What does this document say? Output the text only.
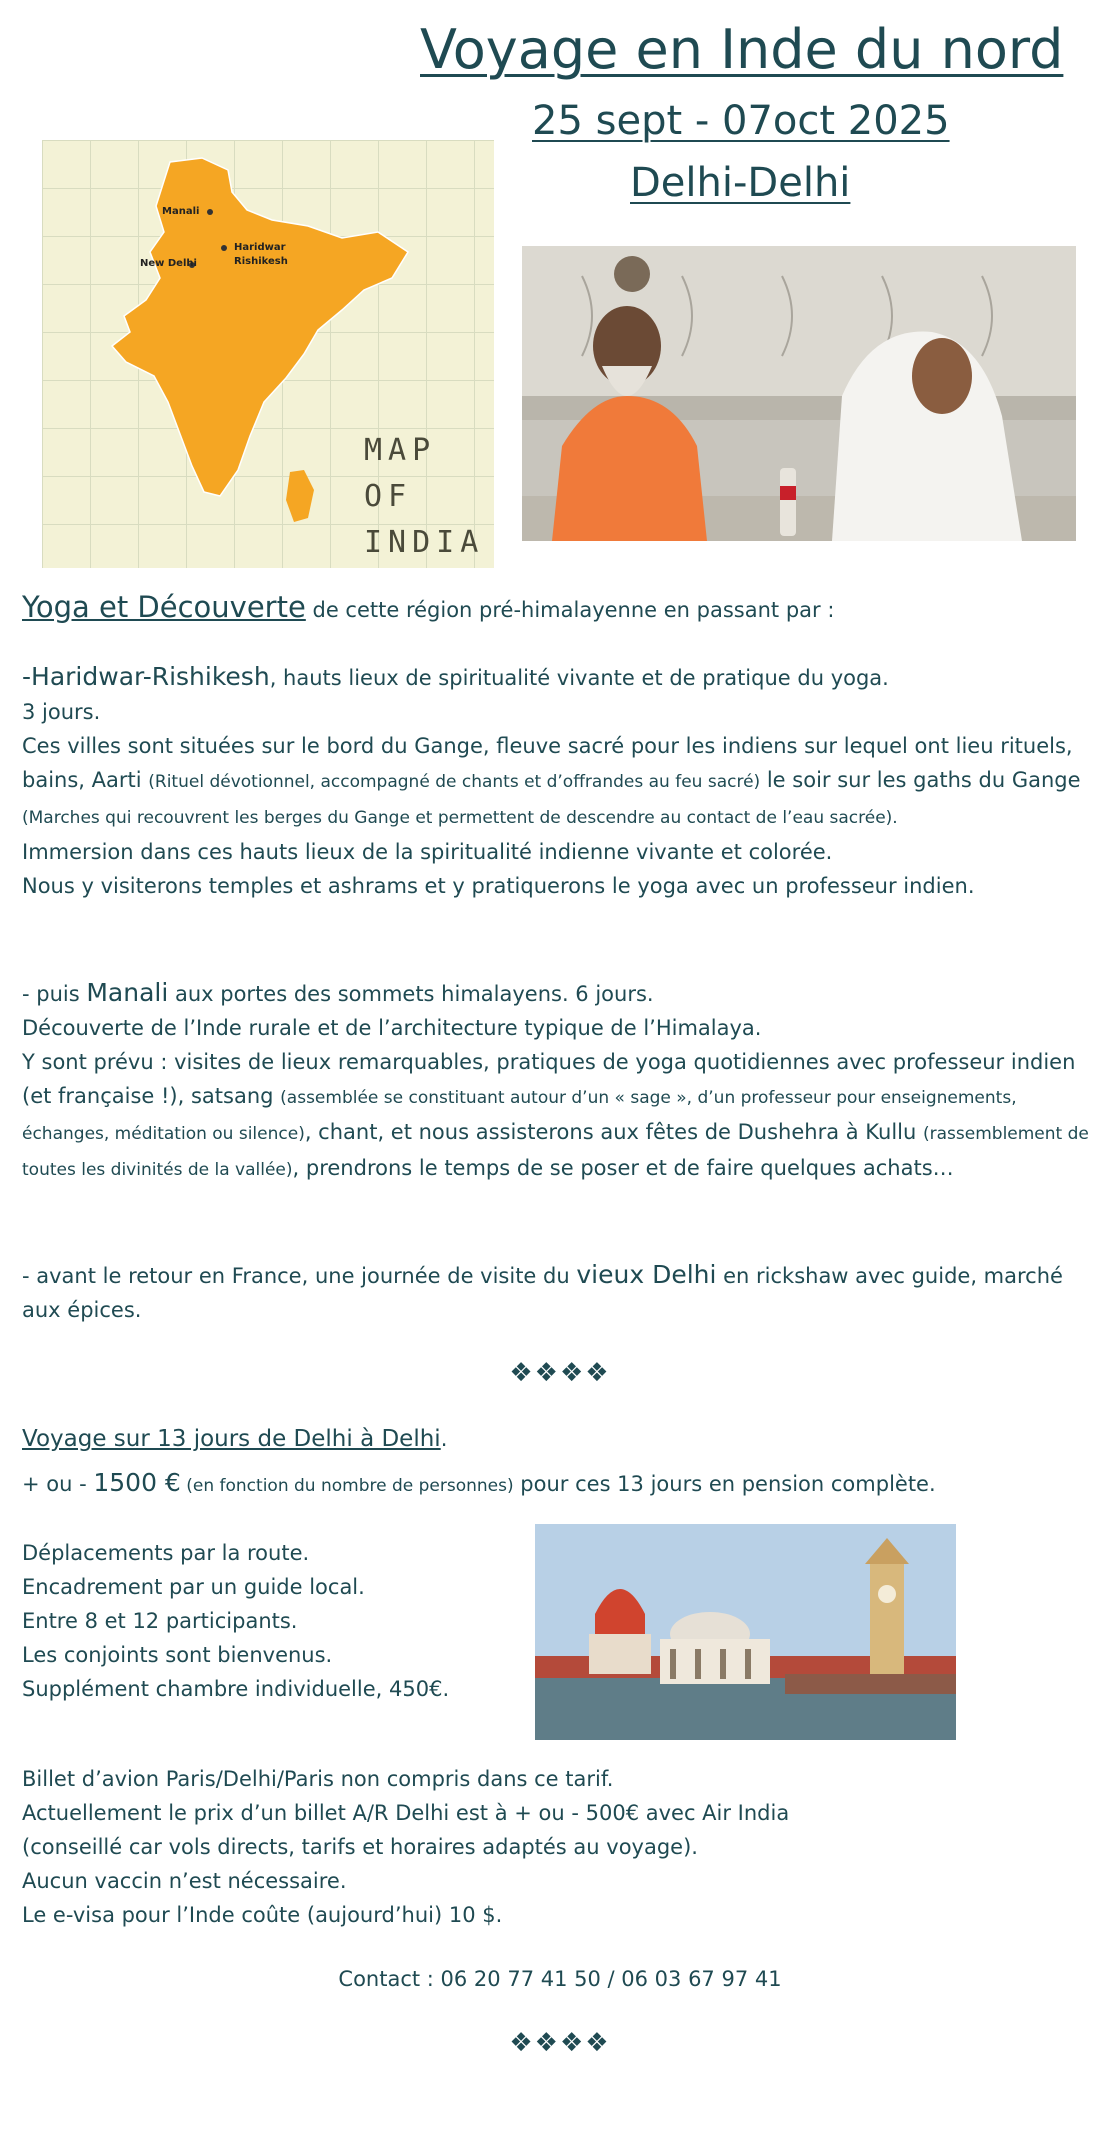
Voyage en Inde du nord
25 sept - 07oct 2025
Delhi-Delhi
Manali
Haridwar
Rishikesh
New Delhi
MAP
OF
INDIA

Yoga et Découverte de cette région pré-himalayenne en passant par :

-Haridwar-Rishikesh, hauts lieux de spiritualité vivante et de pratique du yoga.

3 jours.

Ces villes sont situées sur le bord du Gange, fleuve sacré pour les indiens sur lequel ont lieu rituels, bains, Aarti (Rituel dévotionnel, accompagné de chants et d’offrandes au feu sacré) le soir sur les gaths du Gange (Marches qui recouvrent les berges du Gange et permettent de descendre au contact de l’eau sacrée).

Immersion dans ces hauts lieux de la spiritualité indienne vivante et colorée.

Nous y visiterons temples et ashrams et y pratiquerons le yoga avec un professeur indien.

- puis Manali aux portes des sommets himalayens. 6 jours.

Découverte de l’Inde rurale et de l’architecture typique de l’Himalaya.

Y sont prévu : visites de lieux remarquables, pratiques de yoga quotidiennes avec professeur indien (et française !), satsang (assemblée se constituant autour d’un « sage », d’un professeur pour enseignements, échanges, méditation ou silence), chant, et nous assisterons aux fêtes de Dushehra à Kullu (rassemblement de toutes les divinités de la vallée), prendrons le temps de se poser et de faire quelques achats…

- avant le retour en France, une journée de visite du vieux Delhi en rickshaw avec guide, marché aux épices.

❖❖❖❖

Voyage sur 13 jours de Delhi à Delhi.

+ ou - 1500 € (en fonction du nombre de personnes) pour ces 13 jours en pension complète.

Déplacements par la route.

Encadrement par un guide local.

Entre 8 et 12 participants.

Les conjoints sont bienvenus.

Supplément chambre individuelle, 450€.

Billet d’avion Paris/Delhi/Paris non compris dans ce tarif.

Actuellement le prix d’un billet A/R Delhi est à + ou - 500€ avec Air India

(conseillé car vols directs, tarifs et horaires adaptés au voyage).

Aucun vaccin n’est nécessaire.

Le e-visa pour l’Inde coûte (aujourd’hui) 10 $.

Contact : 06 20 77 41 50 / 06 03 67 97 41
❖❖❖❖
